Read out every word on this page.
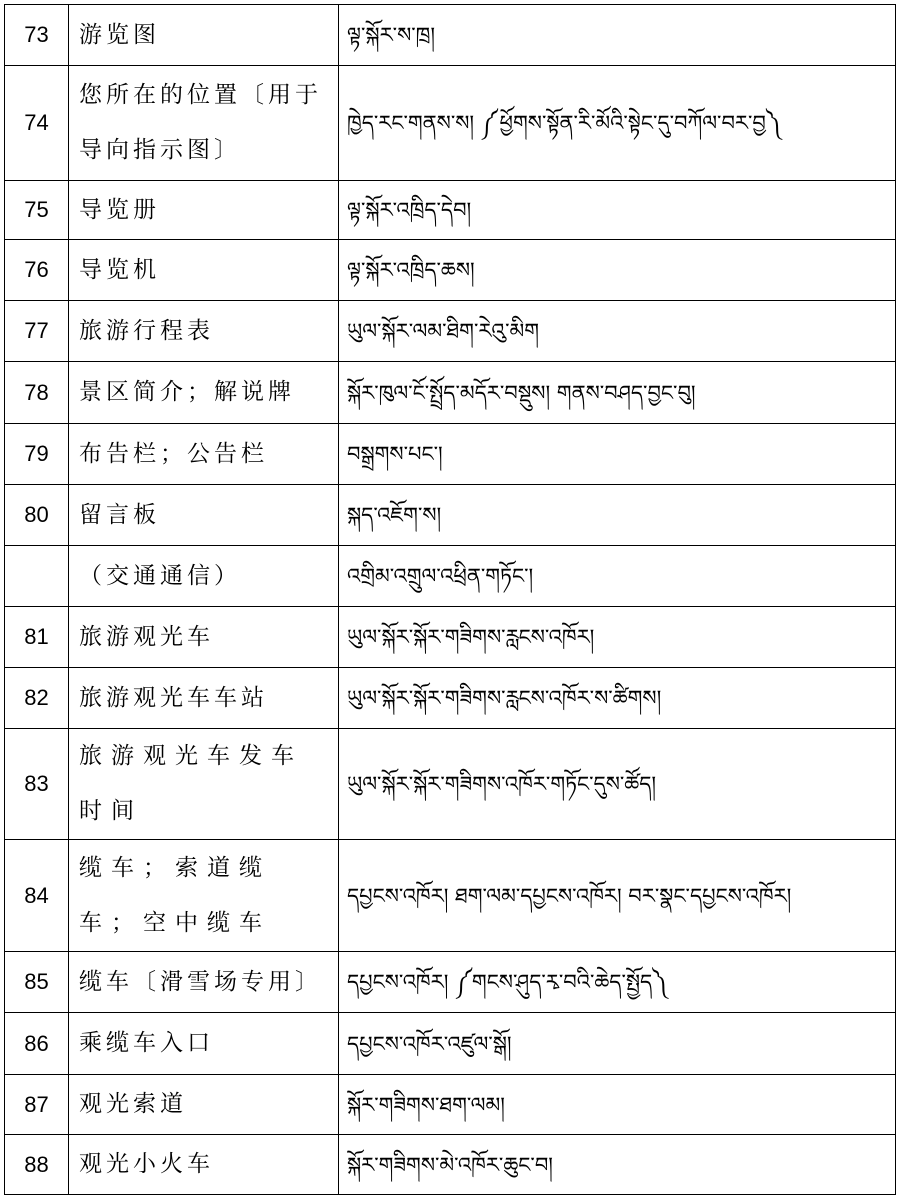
73	游览图	ལྟ་སྐོར་ས་ཁྲ།
74	您所在的位置〔用于导向指示图〕	ཁྱེད་རང་གནས་ས། ༼ཕྱོགས་སྟོན་རི་མོའི་སྟེང་དུ་བཀོལ་བར་བྱ༽
75	导览册	ལྟ་སྐོར་འཁྲིད་དེབ།
76	导览机	ལྟ་སྐོར་འཁྲིད་ཆས།
77	旅游行程表	ཡུལ་སྐོར་ལམ་ཐིག་རེའུ་མིག
78	景区简介；解说牌	སྐོར་ཁུལ་ངོ་སྤྲོད་མདོར་བསྡུས། གནས་བཤད་བྱང་བུ།
79	布告栏；公告栏	བསྒྲགས་པང་།
80	留言板	སྐད་འཇོག་ས།
	（交通通信）	འགྲིམ་འགྲུལ་འཕྲིན་གཏོང་།
81	旅游观光车	ཡུལ་སྐོར་སྐོར་གཟིགས་རླངས་འཁོར།
82	旅游观光车车站	ཡུལ་སྐོར་སྐོར་གཟིགས་རླངས་འཁོར་ས་ཚིགས།
83	旅游观光车发车时间	ཡུལ་སྐོར་སྐོར་གཟིགས་འཁོར་གཏོང་དུས་ཚོད།
84	缆车；索道缆车；空中缆车	དཔྱངས་འཁོར། ཐག་ལམ་དཔྱངས་འཁོར། བར་སྣང་དཔྱངས་འཁོར།
85	缆车〔滑雪场专用〕	དཔྱངས་འཁོར། ༼གངས་ཤུད་རྭ་བའི་ཆེད་སྤྱོད༽
86	乘缆车入口	དཔྱངས་འཁོར་འཛུལ་སྒོ།
87	观光索道	སྐོར་གཟིགས་ཐག་ལམ།
88	观光小火车	སྐོར་གཟིགས་མེ་འཁོར་ཆུང་བ།
